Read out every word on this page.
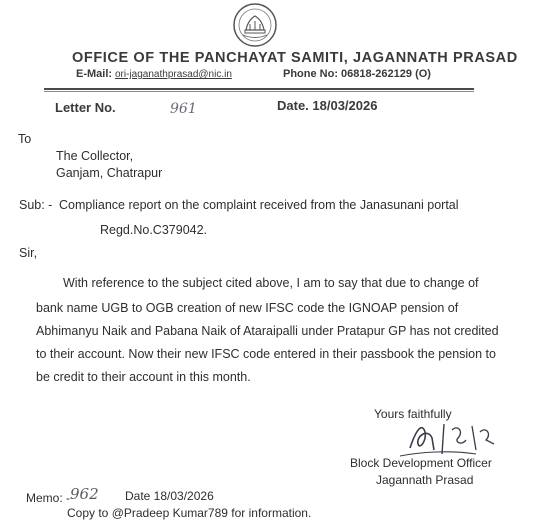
OFFICE OF THE PANCHAYAT SAMITI, JAGANNATH PRASAD
E-Mail: ori-jaganathprasad@nic.in	Phone No: 06818-262129 (O)
Letter No.	961	Date. 18/03/2026
To
The Collector,
Ganjam, Chatrapur
Sub: - Compliance report on the complaint received from the Janasunani portal
Regd.No.C379042.
Sir,
With reference to the subject cited above, I am to say that due to change of
bank name UGB to OGB creation of new IFSC code the IGNOAP pension of
Abhimanyu Naik and Pabana Naik of Ataraipalli under Pratapur GP has not credited
to their account. Now their new IFSC code entered in their passbook the pension to
be credit to their account in this month.
Yours faithfully
Block Development Officer
Jagannath Prasad
Memo: - 962 Date 18/03/2026
Copy to @Pradeep Kumar789 for information.
